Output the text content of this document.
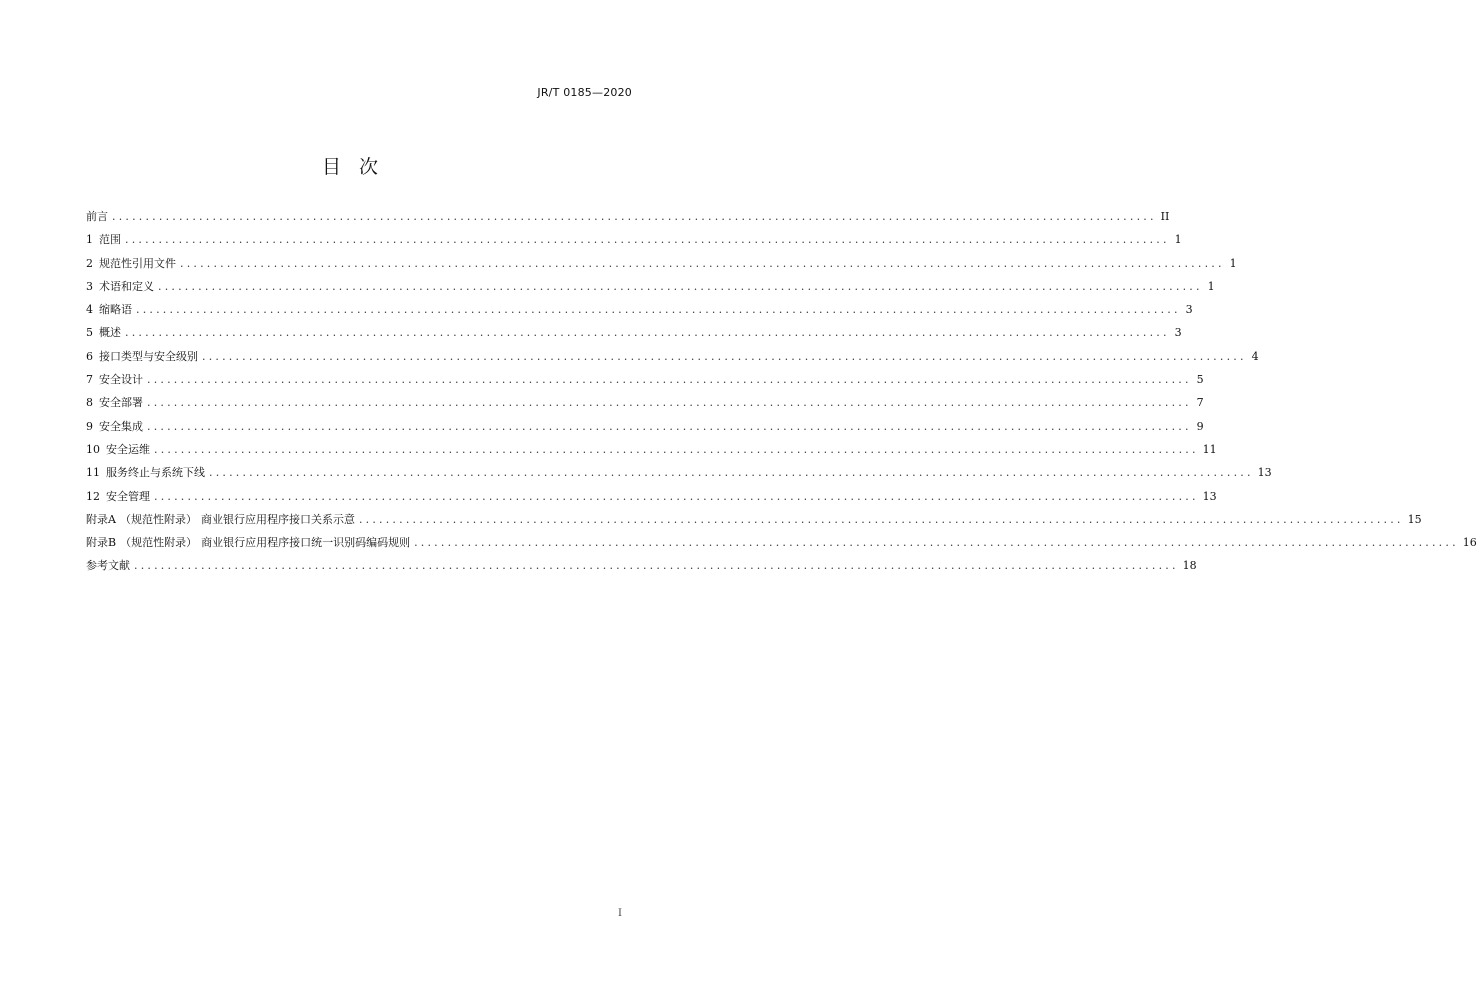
JR/T 0185—2020
目 次
前言 ............................................................................................................................................................ II
1 范围 ............................................................................................................................................................ 1
2 规范性引用文件 ............................................................................................................................................................ 1
3 术语和定义 ............................................................................................................................................................ 1
4 缩略语 ............................................................................................................................................................ 3
5 概述 ............................................................................................................................................................ 3
6 接口类型与安全级别 ............................................................................................................................................................ 4
7 安全设计 ............................................................................................................................................................ 5
8 安全部署 ............................................................................................................................................................ 7
9 安全集成 ............................................................................................................................................................ 9
10 安全运维 ............................................................................................................................................................ 11
11 服务终止与系统下线 ............................................................................................................................................................ 13
12 安全管理 ............................................................................................................................................................ 13
附录A （规范性附录） 商业银行应用程序接口关系示意 ............................................................................................................................................................ 15
附录B （规范性附录） 商业银行应用程序接口统一识别码编码规则 ............................................................................................................................................................ 16
参考文献 ............................................................................................................................................................ 18
I
